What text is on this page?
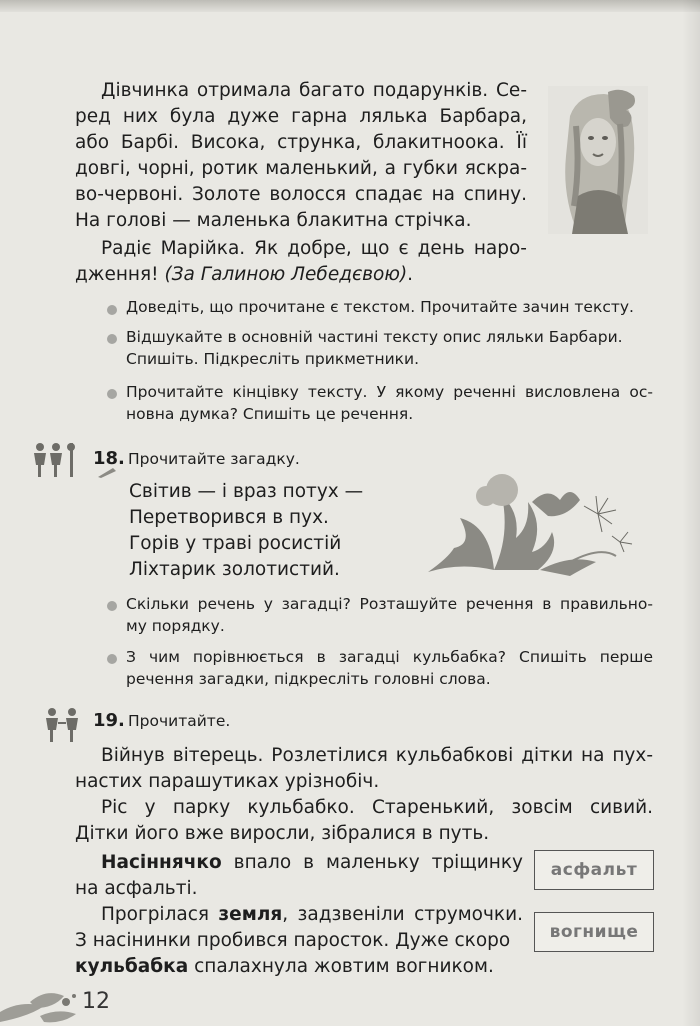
Дівчинка отримала багато подарунків. Се-

ред них була дуже гарна лялька Барбара,

або Барбі. Висока, струнка, блакитноока. Її

довгі, чорні, ротик маленький, а губки яскра-

во-червоні. Золоте волосся спадає на спину.

На голові — маленька блакитна стрічка.

Радіє Марійка. Як добре, що є день наро-

дження! (За Галиною Лебедєвою).

Доведіть, що прочитане є текстом. Прочитайте зачин тексту.

Відшукайте в основній частині тексту опис ляльки Барбари.

Спишіть. Підкресліть прикметники.

Прочитайте кінцівку тексту. У якому реченні висловлена ос-

новна думка? Спишіть це речення.

18. Прочитайте загадку.
Світив — і враз потух —
Перетворився в пух.
Горів у траві росистій
Ліхтарик золотистий.

Скільки речень у загадці? Розташуйте речення в правильно-

му порядку.

З чим порівнюється в загадці кульбабка? Спишіть перше

речення загадки, підкресліть головні слова.

19. Прочитайте.

Війнув вітерець. Розлетілися кульбабкові дітки на пух-

настих парашутиках урізнобіч.

Ріс у парку кульбабко. Старенький, зовсім сивий.

Дітки його вже виросли, зібралися в путь.

Насіннячко впало в маленьку тріщинку

на асфальті.

Прогрілася земля, задзвеніли струмочки.

З насінинки пробився паросток. Дуже скоро

кульбабка спалахнула жовтим вогником.

асфальт
вогнище
12
